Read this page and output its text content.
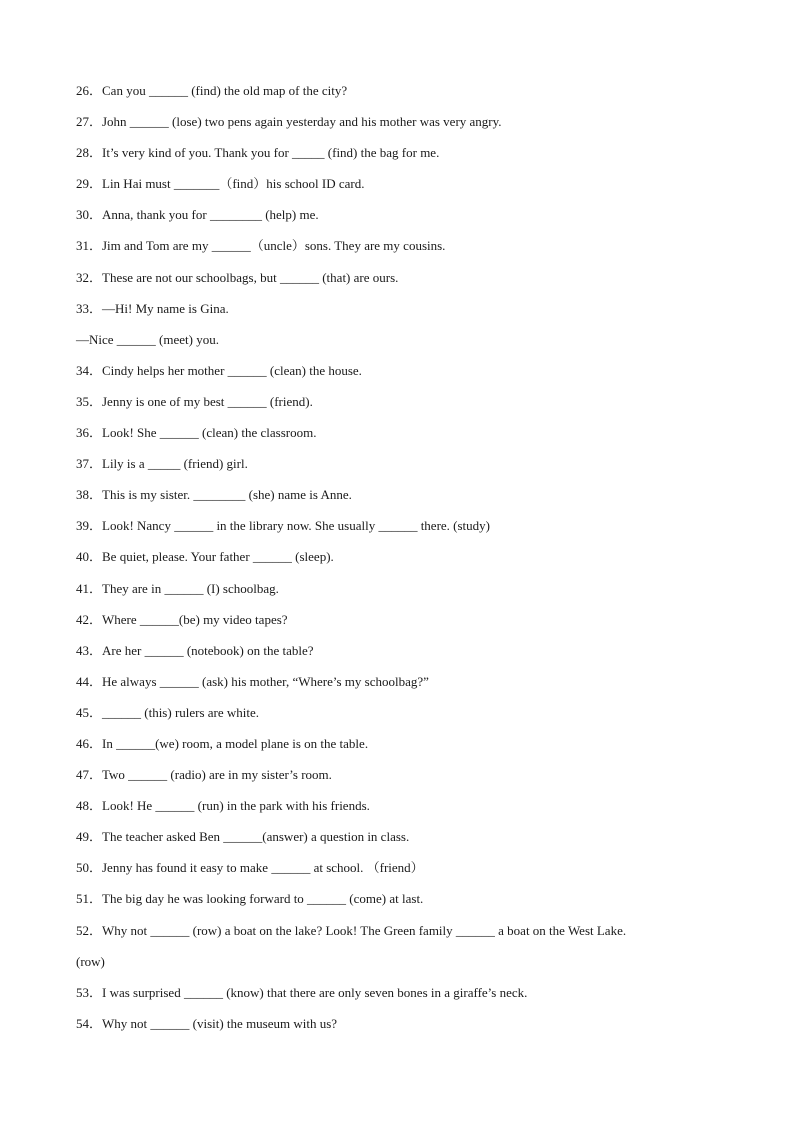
26．Can you ______ (find) the old map of the city?
27．John ______ (lose) two pens again yesterday and his mother was very angry.
28．It’s very kind of you. Thank you for _____ (find) the bag for me.
29．Lin Hai must _______（find）his school ID card.
30．Anna, thank you for ________ (help) me.
31．Jim and Tom are my ______（uncle）sons. They are my cousins.
32．These are not our schoolbags, but ______ (that) are ours.
33．—Hi! My name is Gina.
—Nice ______ (meet) you.
34．Cindy helps her mother ______ (clean) the house.
35．Jenny is one of my best ______ (friend).
36．Look! She ______ (clean) the classroom.
37．Lily is a _____ (friend) girl.
38．This is my sister. ________ (she) name is Anne.
39．Look! Nancy ______ in the library now. She usually ______ there. (study)
40．Be quiet, please. Your father ______ (sleep).
41．They are in ______ (I) schoolbag.
42．Where ______(be) my video tapes?
43．Are her ______ (notebook) on the table?
44．He always ______ (ask) his mother, “Where’s my schoolbag?”
45．______ (this) rulers are white.
46．In ______(we) room, a model plane is on the table.
47．Two ______ (radio) are in my sister’s room.
48．Look! He ______ (run) in the park with his friends.
49．The teacher asked Ben ______(answer) a question in class.
50．Jenny has found it easy to make ______ at school. （friend）
51．The big day he was looking forward to ______ (come) at last.
52．Why not ______ (row) a boat on the lake? Look! The Green family ______ a boat on the West Lake.
(row)
53．I was surprised ______ (know) that there are only seven bones in a giraffe’s neck.
54．Why not ______ (visit) the museum with us?
